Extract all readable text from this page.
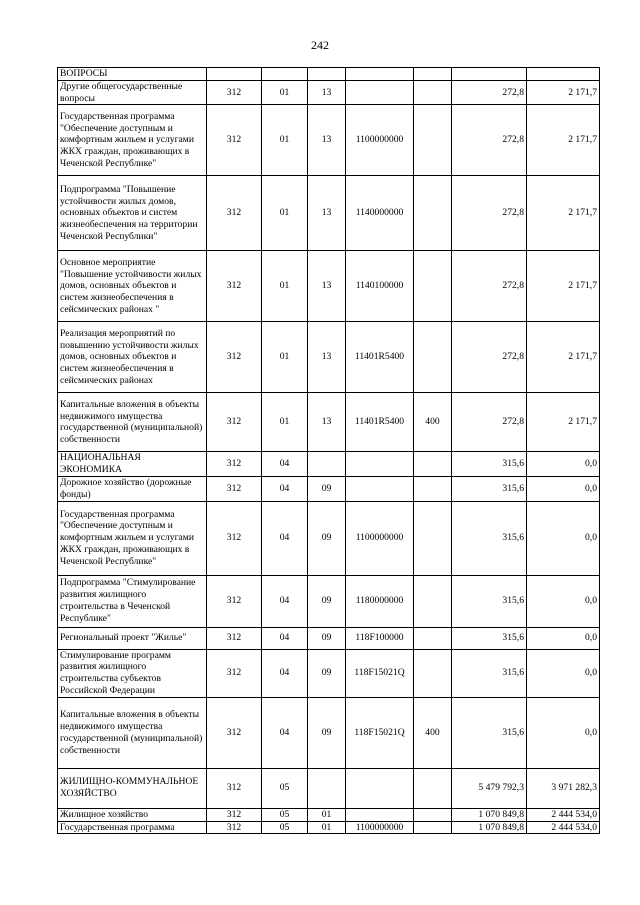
242
ВОПРОСЫ							
Другие общегосударственные вопросы	312	01	13			272,8	2 171,7
Государственная программа "Обеспечение доступным и комфортным жильем и услугами ЖКХ граждан, проживающих в Чеченской Республике"	312	01	13	1100000000		272,8	2 171,7
Подпрограмма "Повышение устойчивости жилых домов, основных объектов и систем жизнеобеспечения на территории Чеченской Республики"	312	01	13	1140000000		272,8	2 171,7
Основное мероприятие "Повышение устойчивости жилых домов, основных объектов и систем жизнеобеспечения в сейсмических районах "	312	01	13	1140100000		272,8	2 171,7
Реализация мероприятий по повышению устойчивости жилых домов, основных объектов и систем жизнеобеспечения в сейсмических районах	312	01	13	11401R5400		272,8	2 171,7
Капитальные вложения в объекты недвижимого имущества государственной (муниципальной) собственности	312	01	13	11401R5400	400	272,8	2 171,7
НАЦИОНАЛЬНАЯ ЭКОНОМИКА	312	04				315,6	0,0
Дорожное хозяйство (дорожные фонды)	312	04	09			315,6	0,0
Государственная программа "Обеспечение доступным и комфортным жильем и услугами ЖКХ граждан, проживающих в Чеченской Республике"	312	04	09	1100000000		315,6	0,0
Подпрограмма "Стимулирование развития жилищного строительства в Чеченской Республике"	312	04	09	1180000000		315,6	0,0
Региональный проект "Жилье"	312	04	09	118F100000		315,6	0,0
Стимулирование программ развития жилищного строительства субъектов Российской Федерации	312	04	09	118F15021Q		315,6	0,0
Капитальные вложения в объекты недвижимого имущества государственной (муниципальной) собственности	312	04	09	118F15021Q	400	315,6	0,0
ЖИЛИЩНО-КОММУНАЛЬНОЕ ХОЗЯЙСТВО	312	05				5 479 792,3	3 971 282,3
Жилищное хозяйство	312	05	01			1 070 849,8	2 444 534,0
Государственная программа	312	05	01	1100000000		1 070 849,8	2 444 534,0
